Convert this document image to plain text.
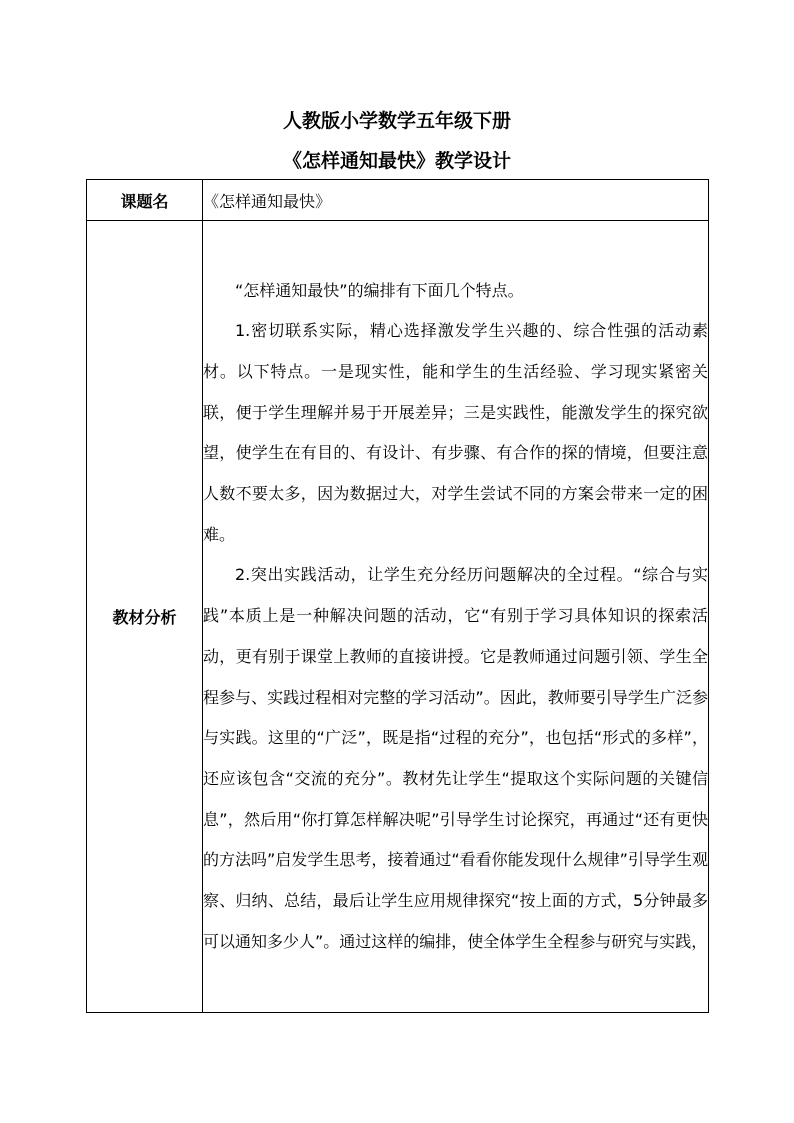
人教版小学数学五年级下册
《怎样通知最快》教学设计
课题名	《怎样通知最快》
教材分析	“怎样通知最快”的编排有下面几个特点。

1.密切联系实际，精心选择激发学生兴趣的、综合性强的活动素材。以下特点。一是现实性，能和学生的生活经验、学习现实紧密关联，便于学生理解并易于开展差异；三是实践性，能激发学生的探究欲望，使学生在有目的、有设计、有步骤、有合作的探的情境，但要注意人数不要太多，因为数据过大，对学生尝试不同的方案会带来一定的困难。

2.突出实践活动，让学生充分经历问题解决的全过程。“综合与实践”本质上是一种解决问题的活动，它“有别于学习具体知识的探索活动，更有别于课堂上教师的直接讲授。它是教师通过问题引领、学生全程参与、实践过程相对完整的学习活动”。因此，教师要引导学生广泛参与实践。这里的“广泛”，既是指“过程的充分”，也包括“形式的多样”，还应该包含“交流的充分”。教材先让学生“提取这个实际问题的关键信息”，然后用“你打算怎样解决呢”引导学生讨论探究，再通过“还有更快的方法吗”启发学生思考，接着通过“看看你能发现什么规律”引导学生观察、归纳、总结，最后让学生应用规律探究“按上面的方式，5分钟最多可以通知多少人”。通过这样的编排，使全体学生全程参与研究与实践，
